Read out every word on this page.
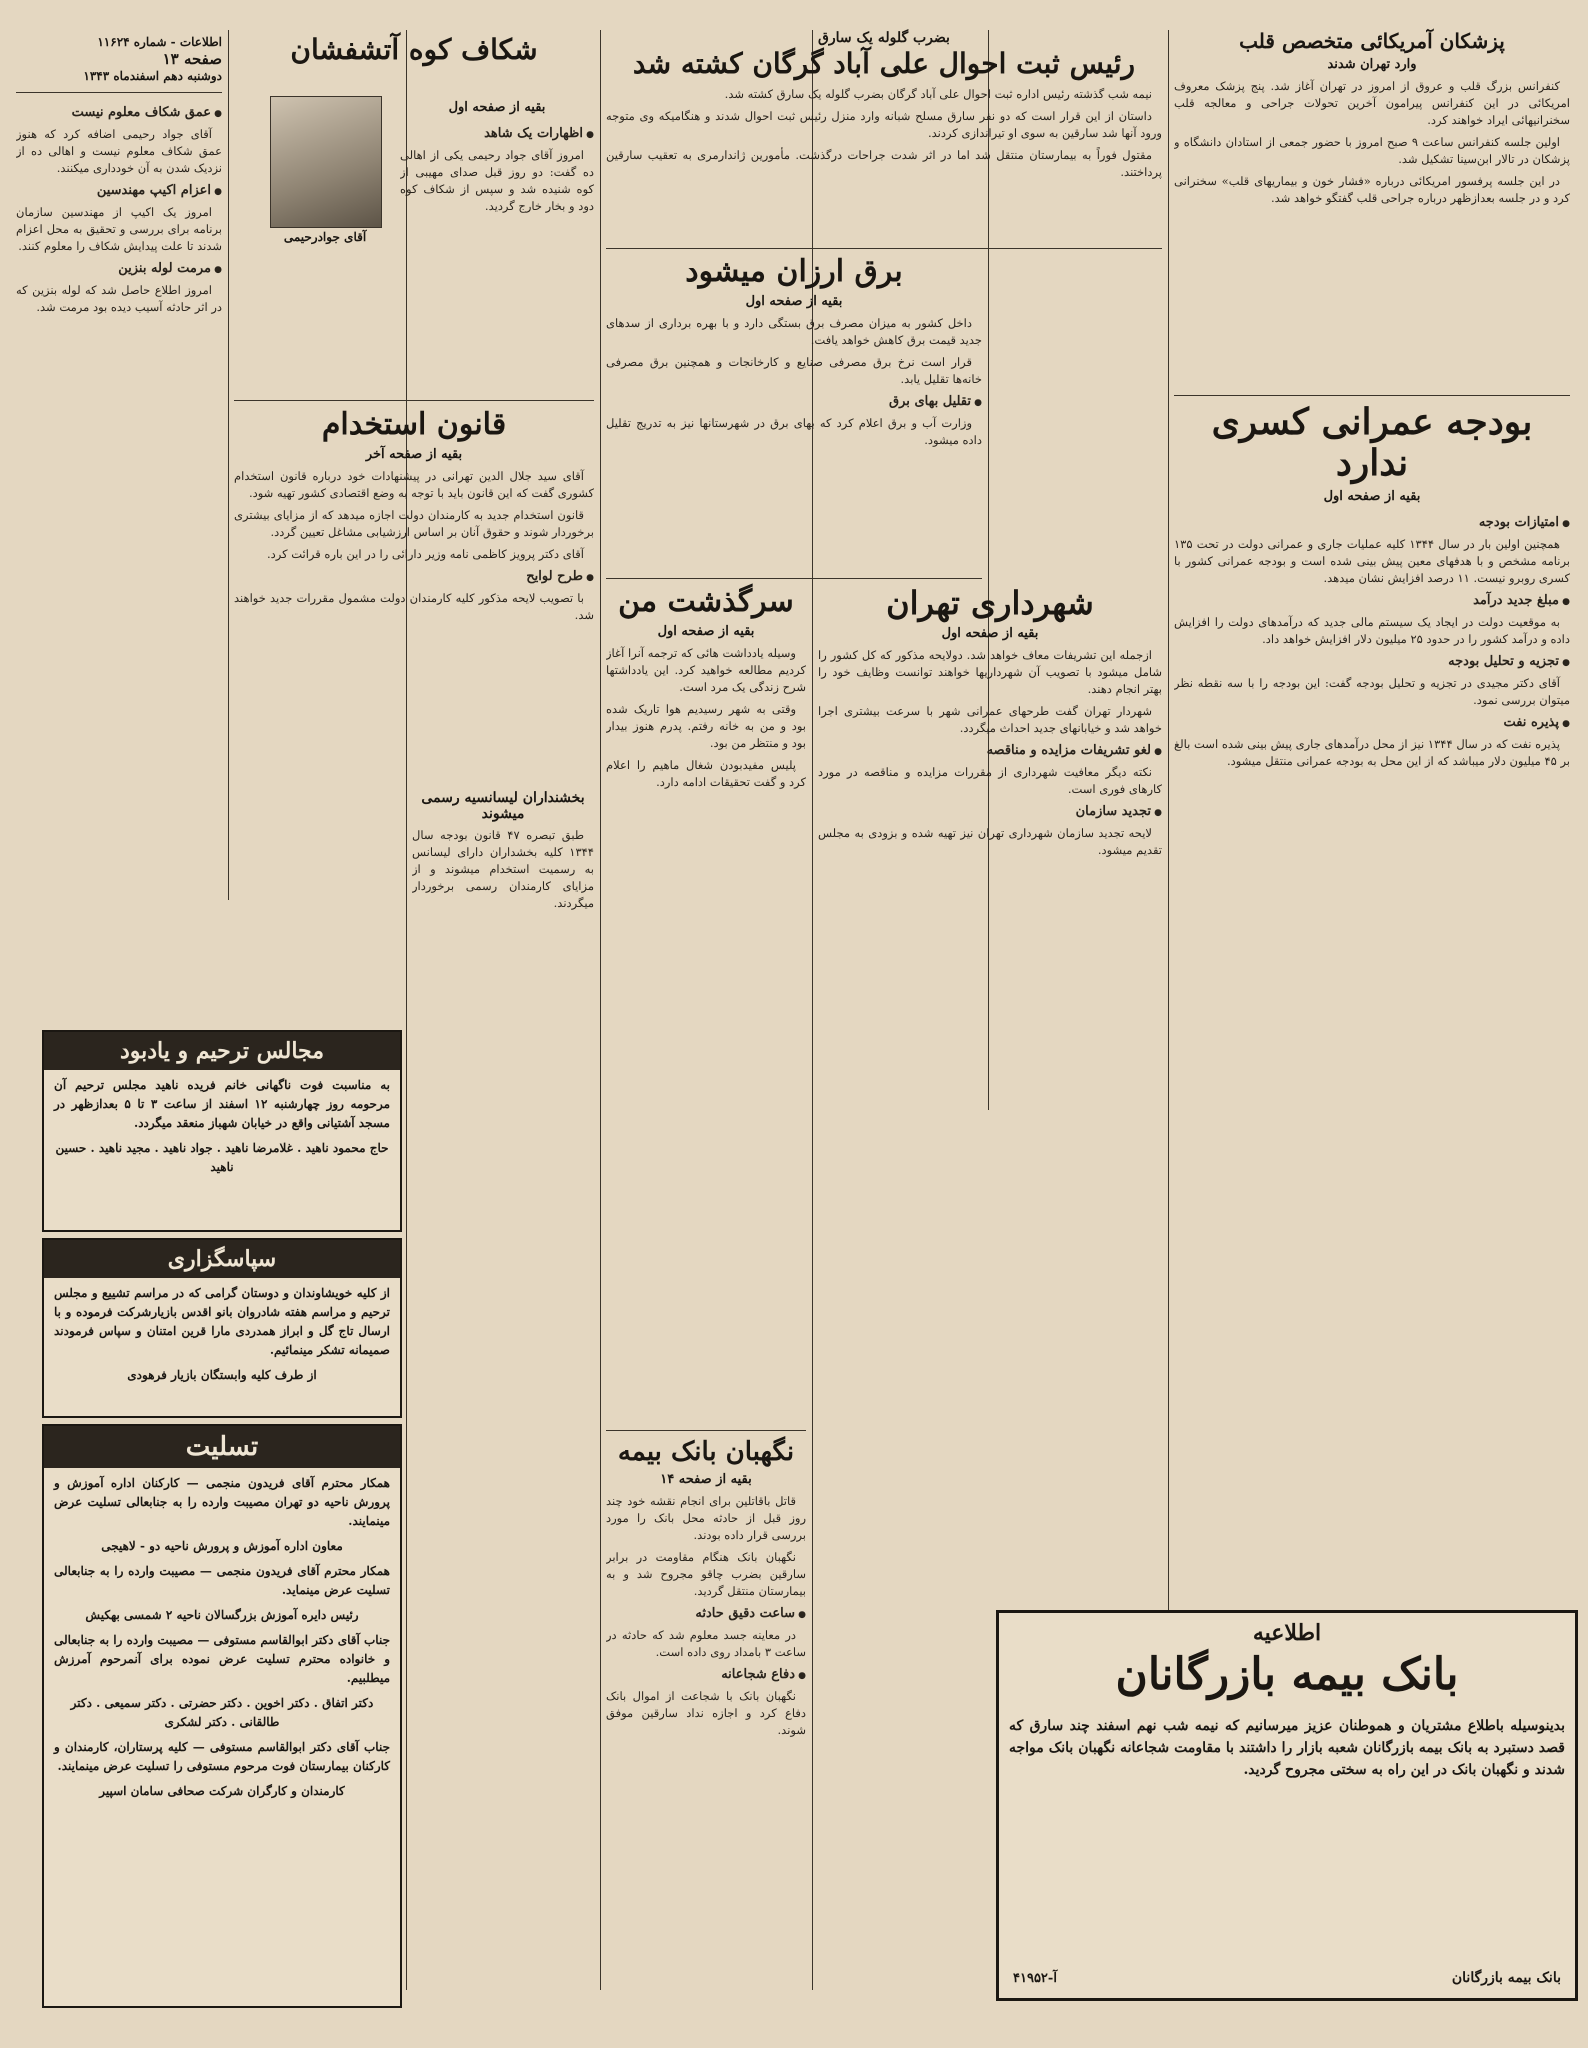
پزشکان آمریکائی متخصص قلب
وارد تهران شدند

کنفرانس بزرگ قلب و عروق از امروز در تهران آغاز شد. پنج پزشک معروف امریکائی در این کنفرانس پیرامون آخرین تحولات جراحی و معالجه قلب سخنرانیهائی ایراد خواهند کرد.

اولین جلسه کنفرانس ساعت ۹ صبح امروز با حضور جمعی از استادان دانشگاه و پزشکان در تالار ابن‌سینا تشکیل شد.

در این جلسه پرفسور امریکائی درباره «فشار خون و بیماریهای قلب» سخنرانی کرد و در جلسه بعدازظهر درباره جراحی قلب گفتگو خواهد شد.

بودجه عمرانی کسری ندارد
بقیه از صفحه اول
● امتیازات بودجه

همچنین اولین بار در سال ۱۳۴۴ کلیه عملیات جاری و عمرانی دولت در تحت ۱۳۵ برنامه مشخص و با هدفهای معین پیش بینی شده است و بودجه عمرانی کشور با کسری روبرو نیست. ۱۱ درصد افزایش نشان میدهد.

● مبلغ جدید درآمد

به موقعیت دولت در ایجاد یک سیستم مالی جدید که درآمدهای دولت را افزایش داده و درآمد کشور را در حدود ۲۵ میلیون دلار افزایش خواهد داد.

● تجزیه و تحلیل بودجه

آقای دکتر مجیدی در تجزیه و تحلیل بودجه گفت: این بودجه را با سه نقطه نظر میتوان بررسی نمود.

● پذیره نفت

پذیره نفت که در سال ۱۳۴۴ نیز از محل درآمدهای جاری پیش بینی شده است بالغ بر ۴۵ میلیون دلار میباشد که از این محل به بودجه عمرانی منتقل میشود.

بضرب گلوله یک سارق
رئیس ثبت احوال علی آباد گرگان کشته شد

نیمه شب گذشته رئیس اداره ثبت احوال علی آباد گرگان بضرب گلوله یک سارق کشته شد.

داستان از این قرار است که دو نفر سارق مسلح شبانه وارد منزل رئیس ثبت احوال شدند و هنگامیکه وی متوجه ورود آنها شد سارقین به سوی او تیراندازی کردند.

مقتول فوراً به بیمارستان منتقل شد اما در اثر شدت جراحات درگذشت. مأمورین ژاندارمری به تعقیب سارقین پرداختند.

برق ارزان میشود
بقیه از صفحه اول

داخل کشور به میزان مصرف برق بستگی دارد و با بهره برداری از سدهای جدید قیمت برق کاهش خواهد یافت.

قرار است نرخ برق مصرفی صنایع و کارخانجات و همچنین برق مصرفی خانه‌ها تقلیل یابد.

● تقلیل بهای برق

وزارت آب و برق اعلام کرد که بهای برق در شهرستانها نیز به تدریج تقلیل داده میشود.

شهرداری تهران
بقیه از صفحه اول

ازجمله این تشریفات معاف خواهد شد. دولایحه مذکور که کل کشور را شامل میشود با تصویب آن شهرداریها خواهند توانست وظایف خود را بهتر انجام دهند.

شهردار تهران گفت طرحهای عمرانی شهر با سرعت بیشتری اجرا خواهد شد و خیابانهای جدید احداث میگردد.

● لغو تشریفات مزایده و مناقصه

نکته دیگر معافیت شهرداری از مقررات مزایده و مناقصه در مورد کارهای فوری است.

● تجدید سازمان

لایحه تجدید سازمان شهرداری تهران نیز تهیه شده و بزودی به مجلس تقدیم میشود.

سرگذشت من
بقیه از صفحه اول

وسیله یادداشت هائی که ترجمه آنرا آغاز کردیم مطالعه خواهید کرد. این یادداشتها شرح زندگی یک مرد است.

وقتی به شهر رسیدیم هوا تاریک شده بود و من به خانه رفتم. پدرم هنوز بیدار بود و منتظر من بود.

پلیس مفیدبودن شغال ماهیم را اعلام کرد و گفت تحقیقات ادامه دارد.

اطلاعات - شماره ۱۱۶۲۴
صفحه ۱۳
دوشنبه دهم اسفندماه ۱۳۴۳
شکاف کوه آتشفشان
آقای جوادرحیمی
بقیه از صفحه اول
● اظهارات یک شاهد

امروز آقای جواد رحیمی یکی از اهالی ده گفت: دو روز قبل صدای مهیبی از کوه شنیده شد و سپس از شکاف کوه دود و بخار خارج گردید.

● عمق شکاف معلوم نیست

آقای جواد رحیمی اضافه کرد که هنوز عمق شکاف معلوم نیست و اهالی ده از نزدیک شدن به آن خودداری میکنند.

● اعزام اکیپ مهندسین

امروز یک اکیپ از مهندسین سازمان برنامه برای بررسی و تحقیق به محل اعزام شدند تا علت پیدایش شکاف را معلوم کنند.

● مرمت لوله بنزین

امروز اطلاع حاصل شد که لوله بنزین که در اثر حادثه آسیب دیده بود مرمت شد.

قانون استخدام
بقیه از صفحه آخر

آقای سید جلال الدین تهرانی در پیشنهادات خود درباره قانون استخدام کشوری گفت که این قانون باید با توجه به وضع اقتصادی کشور تهیه شود.

قانون استخدام جدید به کارمندان دولت اجازه میدهد که از مزایای بیشتری برخوردار شوند و حقوق آنان بر اساس ارزشیابی مشاغل تعیین گردد.

آقای دکتر پرویز کاظمی نامه وزیر دارائی را در این باره قرائت کرد.

● طرح لوایح

با تصویب لایحه مذکور کلیه کارمندان دولت مشمول مقررات جدید خواهند شد.

بخشنداران لیسانسیه رسمی میشوند

طبق تبصره ۴۷ قانون بودجه سال ۱۳۴۴ کلیه بخشداران دارای لیسانس به رسمیت استخدام میشوند و از مزایای کارمندان رسمی برخوردار میگردند.

نگهبان بانک بیمه
بقیه از صفحه ۱۴

قاتل باقاتلین برای انجام نقشه خود چند روز قبل از حادثه محل بانک را مورد بررسی قرار داده بودند.

نگهبان بانک هنگام مقاومت در برابر سارقین بضرب چاقو مجروح شد و به بیمارستان منتقل گردید.

● ساعت دقیق حادثه

در معاینه جسد معلوم شد که حادثه در ساعت ۳ بامداد روی داده است.

● دفاع شجاعانه

نگهبان بانک با شجاعت از اموال بانک دفاع کرد و اجازه نداد سارقین موفق شوند.

مجالس ترحیم و یادبود

به مناسبت فوت ناگهانی خانم فریده ناهید مجلس ترحیم آن مرحومه روز چهارشنبه ۱۲ اسفند از ساعت ۳ تا ۵ بعدازظهر در مسجد آشتیانی واقع در خیابان شهباز منعقد میگردد.

حاج محمود ناهید . غلامرضا ناهید . جواد ناهید . مجید ناهید . حسین ناهید

سپاسگزاری

از کلیه خویشاوندان و دوستان گرامی که در مراسم تشییع و مجلس ترحیم و مراسم هفته شادروان بانو اقدس بازیارشرکت فرموده و با ارسال تاج گل و ابراز همدردی مارا قرین امتنان و سپاس فرمودند صمیمانه تشکر مینمائیم.

از طرف کلیه وابستگان بازیار فرهودی

تسلیت

همکار محترم آقای فریدون منجمی — کارکنان اداره آموزش و پرورش ناحیه دو تهران مصیبت وارده را به جنابعالی تسلیت عرض مینمایند.

معاون اداره آموزش و پرورش ناحیه دو - لاهیجی

همکار محترم آقای فریدون منجمی — مصیبت وارده را به جنابعالی تسلیت عرض مینماید.

رئیس دایره آموزش بزرگسالان ناحیه ۲ شمسی بهکیش

جناب آقای دکتر ابوالقاسم مستوفی — مصیبت وارده را به جنابعالی و خانواده محترم تسلیت عرض نموده برای آنمرحوم آمرزش میطلبیم.

دکتر اتفاق . دکتر اخوین . دکتر حضرتی . دکتر سمیعی . دکتر طالقانی . دکتر لشکری

جناب آقای دکتر ابوالقاسم مستوفی — کلیه پرستاران، کارمندان و کارکنان بیمارستان فوت مرحوم مستوفی را تسلیت عرض مینمایند.

کارمندان و کارگران شرکت صحافی سامان اسپیر

اطلاعیه
بانک بیمه بازرگانان

بدینوسیله باطلاع مشتریان و هموطنان عزیز میرسانیم که نیمه شب نهم اسفند چند سارق که قصد دستبرد به بانک بیمه بازرگانان شعبه بازار را داشتند با مقاومت شجاعانه نگهبان بانک مواجه شدند و نگهبان بانک در این راه به سختی مجروح گردید.

بانک بیمه بازرگانان
آ-۴۱۹۵۲
